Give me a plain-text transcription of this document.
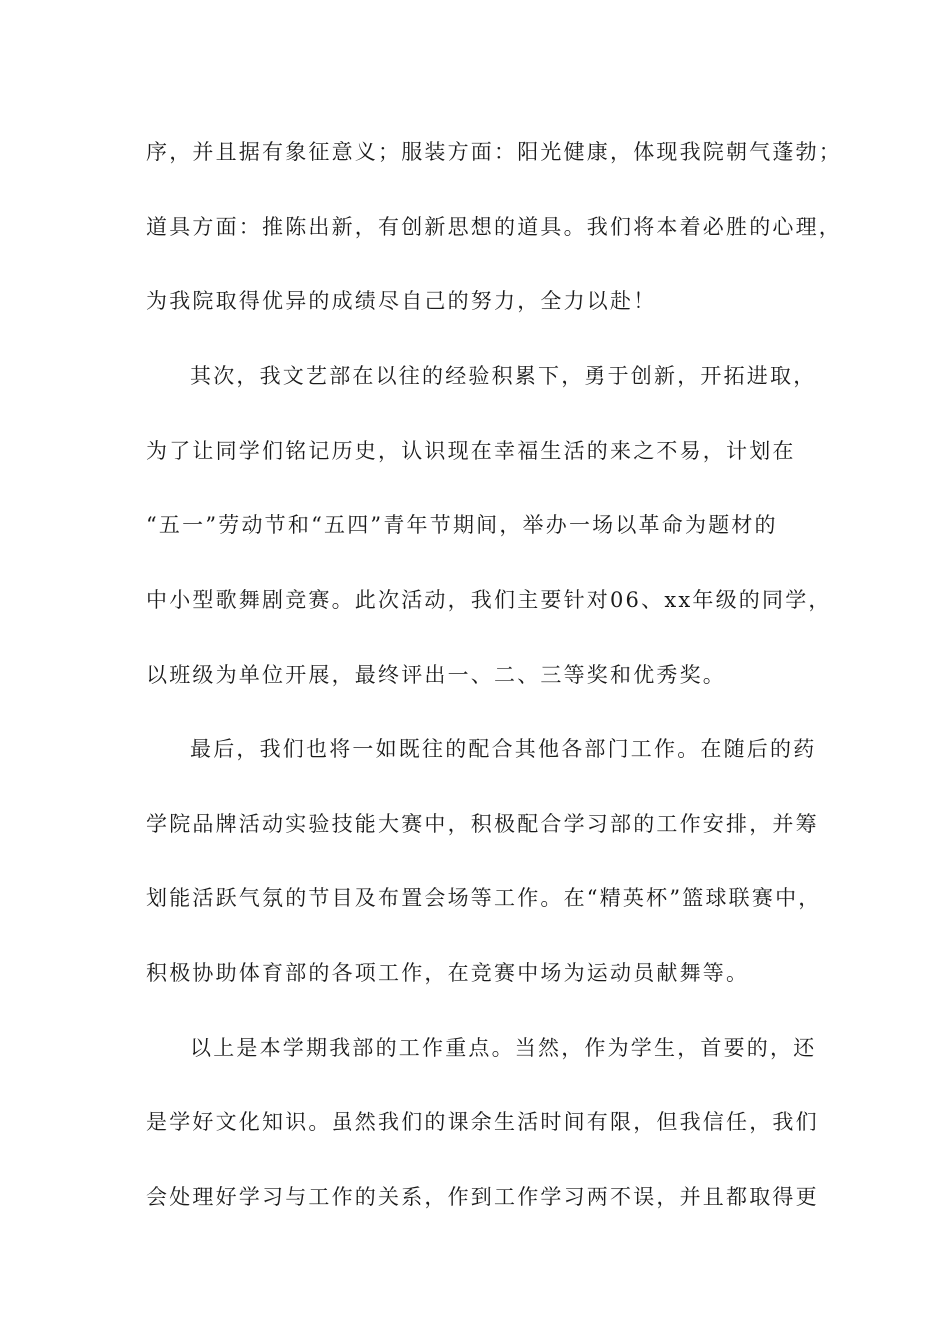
序，并且据有象征意义；服装方面：阳光健康，体现我院朝气蓬勃；
道具方面：推陈出新，有创新思想的道具。我们将本着必胜的心理，
为我院取得优异的成绩尽自己的努力，全力以赴！
其次，我文艺部在以往的经验积累下，勇于创新，开拓进取，
为了让同学们铭记历史，认识现在幸福生活的来之不易，计划在
“五一”劳动节和“五四”青年节期间，举办一场以革命为题材的
中小型歌舞剧竞赛。此次活动，我们主要针对06、xx年级的同学，
以班级为单位开展，最终评出一、二、三等奖和优秀奖。
最后，我们也将一如既往的配合其他各部门工作。在随后的药
学院品牌活动实验技能大赛中，积极配合学习部的工作安排，并筹
划能活跃气氛的节目及布置会场等工作。在“精英杯”篮球联赛中，
积极协助体育部的各项工作，在竞赛中场为运动员献舞等。
以上是本学期我部的工作重点。当然，作为学生，首要的，还
是学好文化知识。虽然我们的课余生活时间有限，但我信任，我们
会处理好学习与工作的关系，作到工作学习两不误，并且都取得更
